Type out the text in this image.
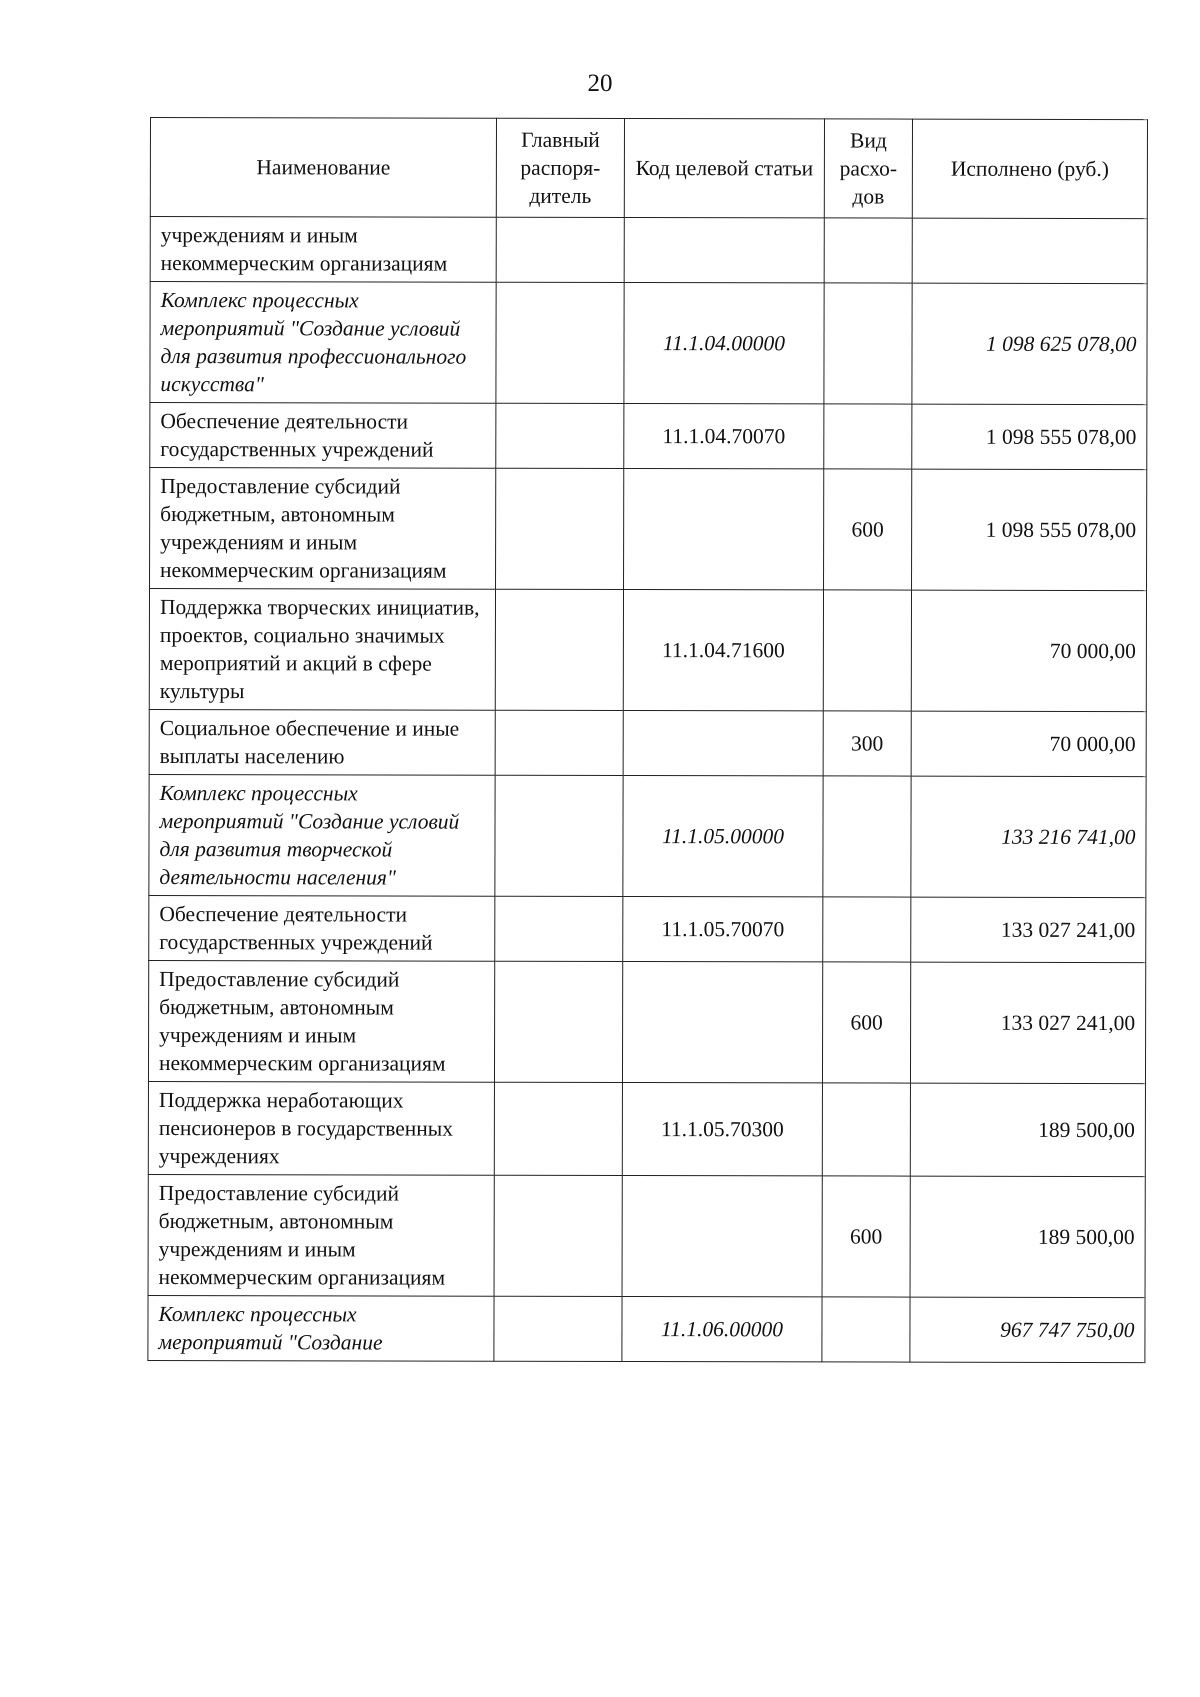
20
Наименование	Главный распоря-дитель	Код целевой статьи	Вид расхо-дов	Исполнено (руб.)
учреждениям и иным некоммерческим организациям				
Комплекс процессных мероприятий "Создание условий для развития профессионального искусства"		11.1.04.00000		1 098 625 078,00
Обеспечение деятельности государственных учреждений		11.1.04.70070		1 098 555 078,00
Предоставление субсидий бюджетным, автономным учреждениям и иным некоммерческим организациям			600	1 098 555 078,00
Поддержка творческих инициатив, проектов, социально значимых мероприятий и акций в сфере культуры		11.1.04.71600		70 000,00
Социальное обеспечение и иные выплаты населению			300	70 000,00
Комплекс процессных мероприятий "Создание условий для развития творческой деятельности населения"		11.1.05.00000		133 216 741,00
Обеспечение деятельности государственных учреждений		11.1.05.70070		133 027 241,00
Предоставление субсидий бюджетным, автономным учреждениям и иным некоммерческим организациям			600	133 027 241,00
Поддержка неработающих пенсионеров в государственных учреждениях		11.1.05.70300		189 500,00
Предоставление субсидий бюджетным, автономным учреждениям и иным некоммерческим организациям			600	189 500,00
Комплекс процессных мероприятий "Создание		11.1.06.00000		967 747 750,00
